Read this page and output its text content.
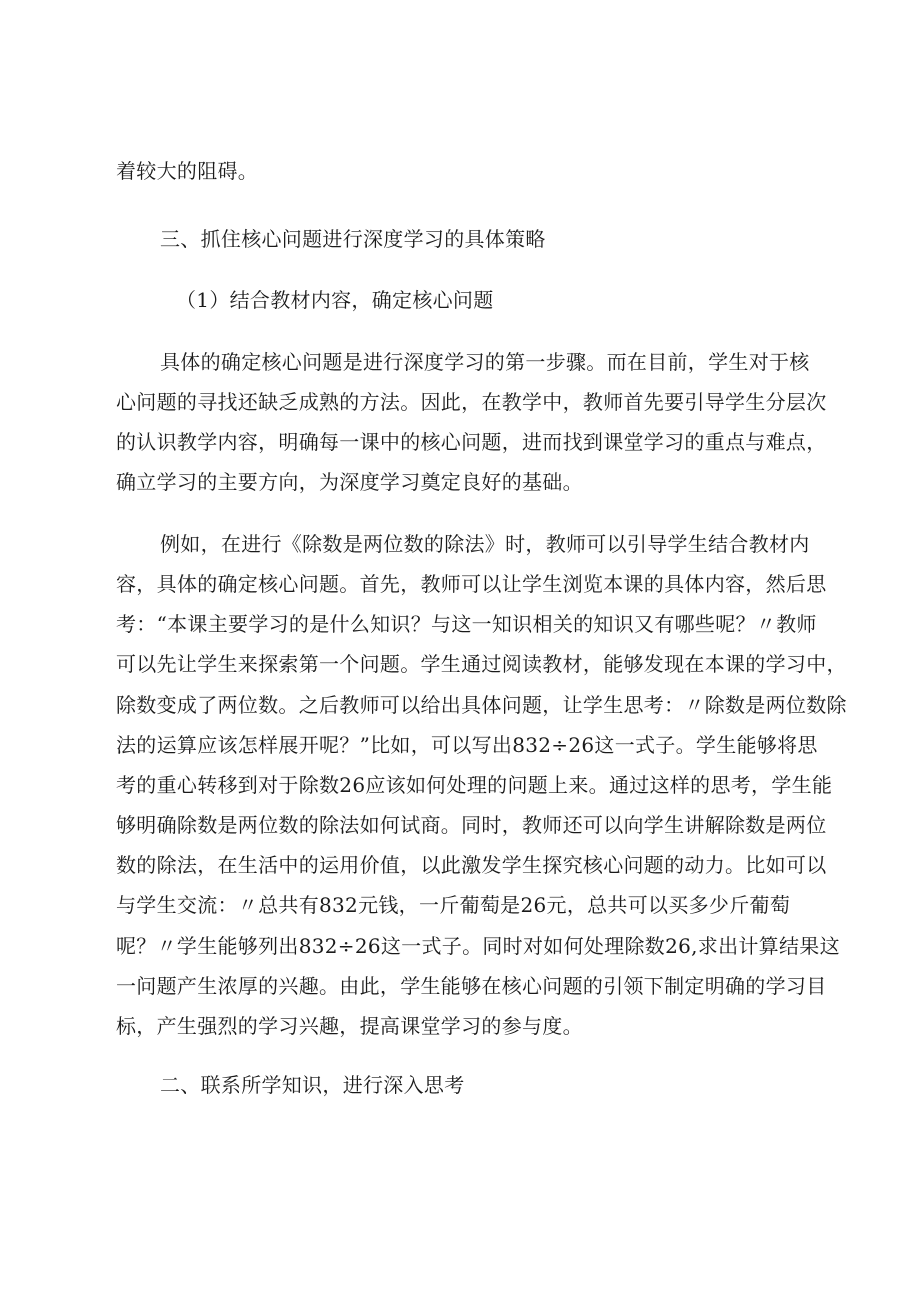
着较大的阻碍。
三、抓住核心问题进行深度学习的具体策略
（1）结合教材内容，确定核心问题
具体的确定核心问题是进行深度学习的第一步骤。而在目前，学生对于核
心问题的寻找还缺乏成熟的方法。因此，在教学中，教师首先要引导学生分层次
的认识教学内容，明确每一课中的核心问题，进而找到课堂学习的重点与难点，
确立学习的主要方向，为深度学习奠定良好的基础。
例如，在进行《除数是两位数的除法》时，教师可以引导学生结合教材内
容，具体的确定核心问题。首先，教师可以让学生浏览本课的具体内容，然后思
考：“本课主要学习的是什么知识？与这一知识相关的知识又有哪些呢？〃教师
可以先让学生来探索第一个问题。学生通过阅读教材，能够发现在本课的学习中，
除数变成了两位数。之后教师可以给出具体问题，让学生思考：〃除数是两位数除
法的运算应该怎样展开呢？”比如，可以写出832÷26这一式子。学生能够将思
考的重心转移到对于除数26应该如何处理的问题上来。通过这样的思考，学生能
够明确除数是两位数的除法如何试商。同时，教师还可以向学生讲解除数是两位
数的除法，在生活中的运用价值，以此激发学生探究核心问题的动力。比如可以
与学生交流：〃总共有832元钱，一斤葡萄是26元，总共可以买多少斤葡萄
呢？〃学生能够列出832÷26这一式子。同时对如何处理除数26,求出计算结果这
一问题产生浓厚的兴趣。由此，学生能够在核心问题的引领下制定明确的学习目
标，产生强烈的学习兴趣，提高课堂学习的参与度。
二、联系所学知识，进行深入思考
